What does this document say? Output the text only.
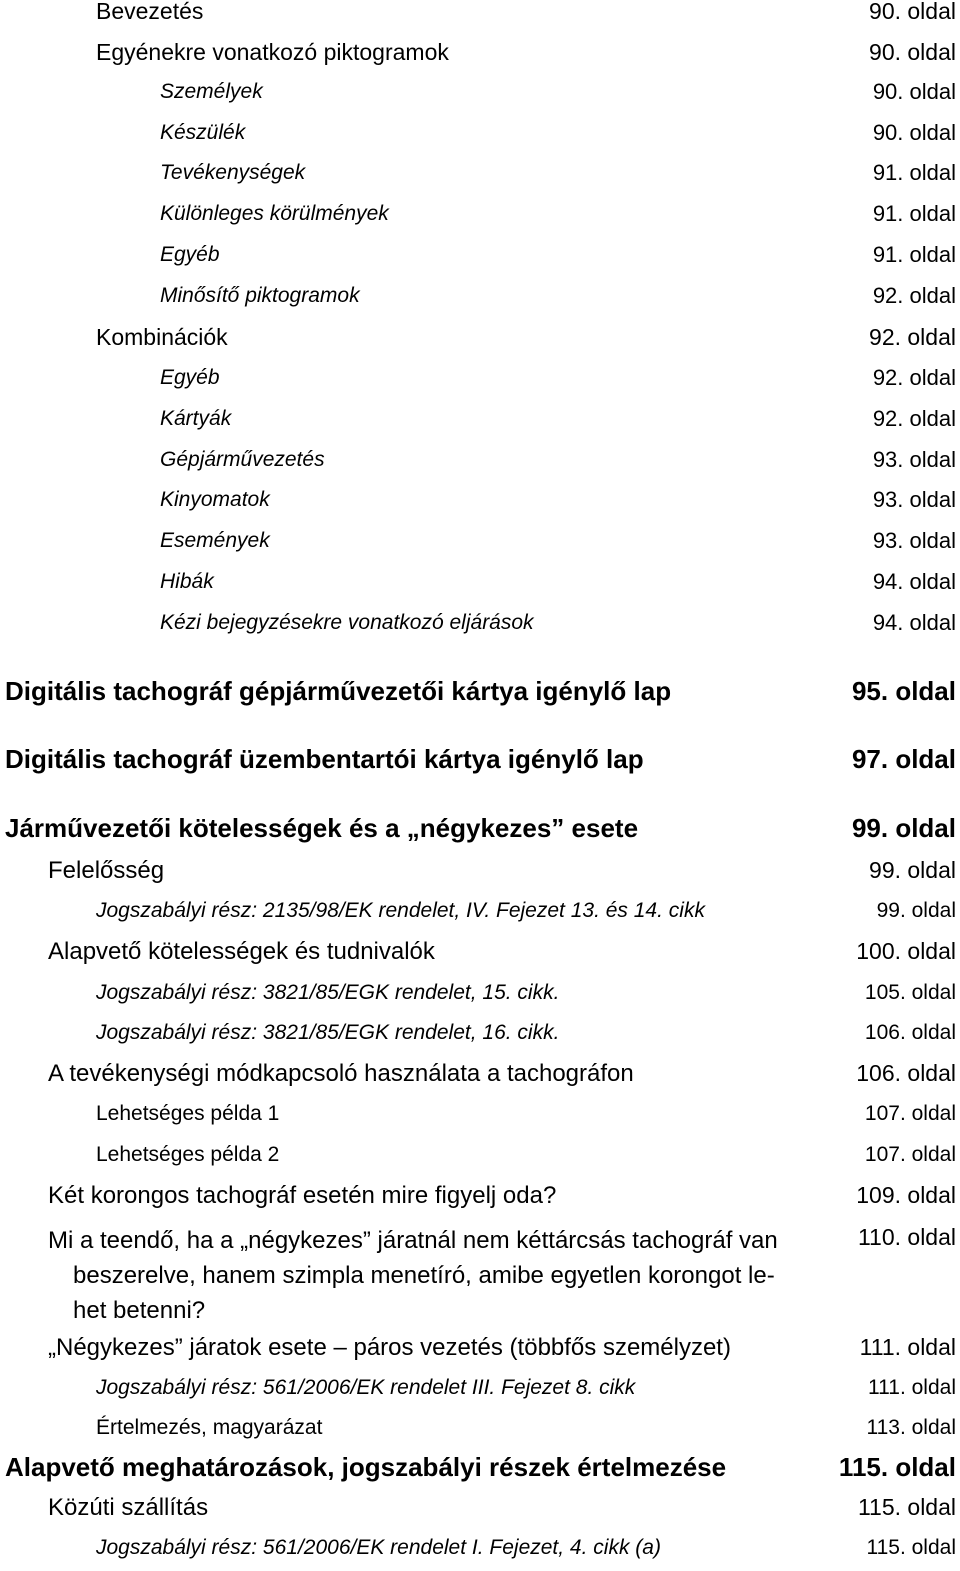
Bevezetés	90. oldal
Egyénekre vonatkozó piktogramok	90. oldal
Személyek	90. oldal
Készülék	90. oldal
Tevékenységek	91. oldal
Különleges körülmények	91. oldal
Egyéb	91. oldal
Minősítő piktogramok	92. oldal
Kombinációk	92. oldal
Egyéb	92. oldal
Kártyák	92. oldal
Gépjárművezetés	93. oldal
Kinyomatok	93. oldal
Események	93. oldal
Hibák	94. oldal
Kézi bejegyzésekre vonatkozó eljárások	94. oldal
Digitális tachográf gépjárművezetői kártya igénylő lap	95. oldal
Digitális tachográf üzembentartói kártya igénylő lap	97. oldal
Járművezetői kötelességek és a „négykezes” esete	99. oldal
Felelősség	99. oldal
Jogszabályi rész: 2135/98/EK rendelet, IV. Fejezet 13. és 14. cikk	99. oldal
Alapvető kötelességek és tudnivalók	100. oldal
Jogszabályi rész: 3821/85/EGK rendelet, 15. cikk.	105. oldal
Jogszabályi rész: 3821/85/EGK rendelet, 16. cikk.	106. oldal
A tevékenységi módkapcsoló használata a tachográfon	106. oldal
Lehetséges példa 1	107. oldal
Lehetséges példa 2	107. oldal
Két korongos tachográf esetén mire figyelj oda?	109. oldal
Mi a teendő, ha a „négykezes” járatnál nem kéttárcsás tachográf van
beszerelve, hanem szimpla menetíró, amibe egyetlen korongot le-
het betenni?
110. oldal
„Négykezes” járatok esete – páros vezetés (többfős személyzet)	111. oldal
Jogszabályi rész: 561/2006/EK rendelet III. Fejezet 8. cikk	111. oldal
Értelmezés, magyarázat	113. oldal
Alapvető meghatározások, jogszabályi részek értelmezése	115. oldal
Közúti szállítás	115. oldal
Jogszabályi rész: 561/2006/EK rendelet I. Fejezet, 4. cikk (a)	115. oldal
